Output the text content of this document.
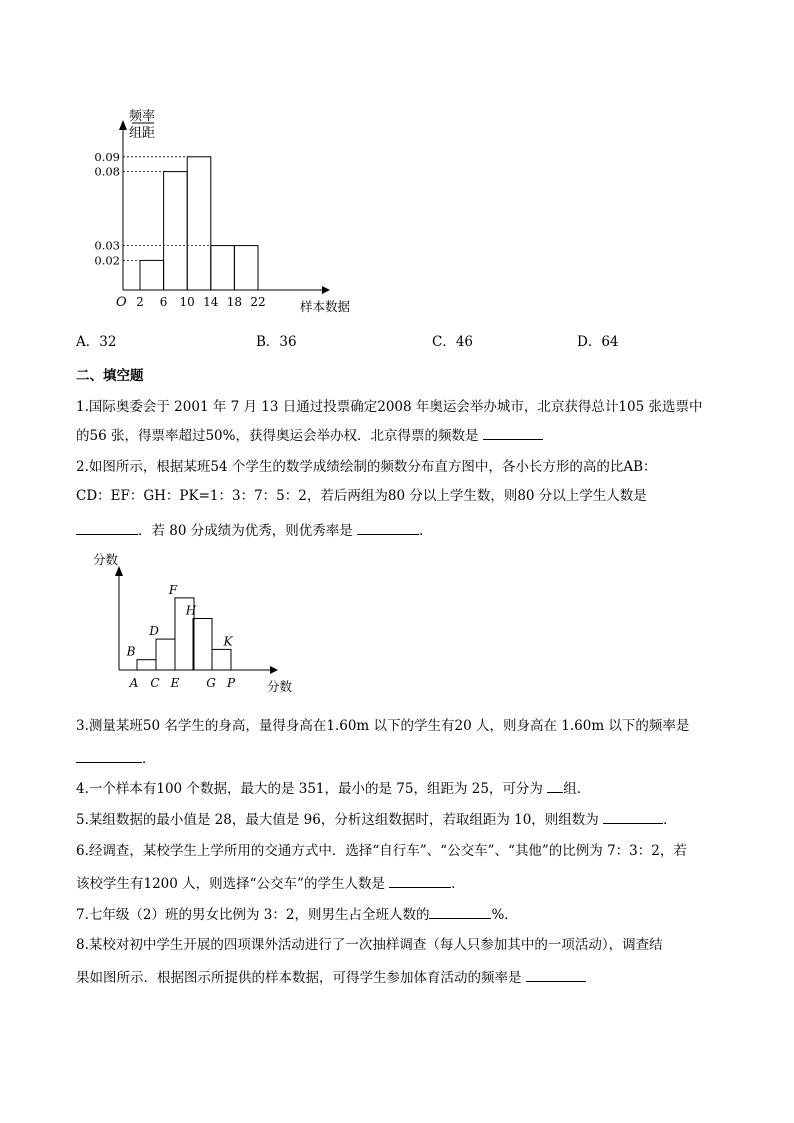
频率
组距
0.09
0.08
0.03
0.02
2 6 10 14 18 22
O	样本数据
A．32	B．36	C．46	D．64
二、填空题
1.国际奥委会于 2001 年 7 月 13 日通过投票确定2008 年奥运会举办城市，北京获得总计105 张选票中
的56 张，得票率超过50%，获得奥运会举办权．北京得票的频数是
2.如图所示，根据某班54 个学生的数学成绩绘制的频数分布直方图中，各小长方形的高的比AB：
CD：EF：GH：PK=1：3：7：5：2，若后两组为80 分以上学生数，则80 分以上学生人数是
．若 80 分成绩为优秀，则优秀率是	．
分数
B
D
F
H
K
A C E G P	分数
3.测量某班50 名学生的身高，量得身高在1.60m 以下的学生有20 人，则身高在 1.60m 以下的频率是
．
4.一个样本有100 个数据，最大的是 351，最小的是 75，组距为 25，可分为 组．
5.某组数据的最小值是 28，最大值是 96，分析这组数据时，若取组距为 10，则组数为	．
6.经调查，某校学生上学所用的交通方式中．选择“自行车”、“公交车”、“其他”的比例为 7：3：2，若
该校学生有1200 人，则选择“公交车”的学生人数是	．
7.七年级（2）班的男女比例为 3：2，则男生占全班人数的	%．
8.某校对初中学生开展的四项课外活动进行了一次抽样调查（每人只参加其中的一项活动），调查结
果如图所示．根据图示所提供的样本数据，可得学生参加体育活动的频率是
